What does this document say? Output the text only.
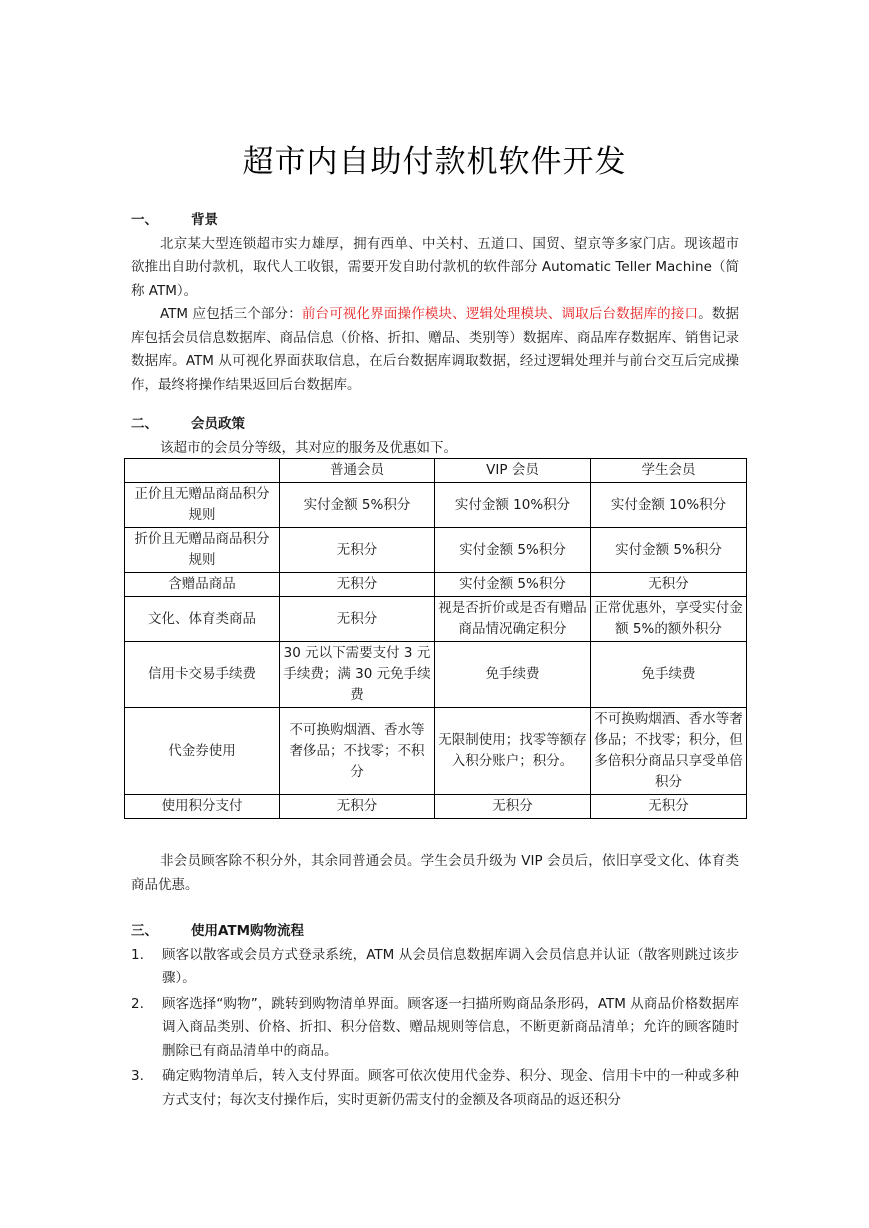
超市内自助付款机软件开发
一、 背景

北京某大型连锁超市实力雄厚，拥有西单、中关村、五道口、国贸、望京等多家门店。现该超市欲推出自助付款机，取代人工收银，需要开发自助付款机的软件部分 Automatic Teller Machine（简称 ATM）。

ATM 应包括三个部分：前台可视化界面操作模块、逻辑处理模块、调取后台数据库的接口。数据库包括会员信息数据库、商品信息（价格、折扣、赠品、类别等）数据库、商品库存数据库、销售记录数据库。ATM 从可视化界面获取信息，在后台数据库调取数据，经过逻辑处理并与前台交互后完成操作，最终将操作结果返回后台数据库。

二、 会员政策

该超市的会员分等级，其对应的服务及优惠如下。

	普通会员	VIP 会员	学生会员
正价且无赠品商品积分规则	实付金额 5%积分	实付金额 10%积分	实付金额 10%积分
折价且无赠品商品积分规则	无积分	实付金额 5%积分	实付金额 5%积分
含赠品商品	无积分	实付金额 5%积分	无积分
文化、体育类商品	无积分	视是否折价或是否有赠品商品情况确定积分	正常优惠外，享受实付金额 5%的额外积分
信用卡交易手续费	30 元以下需要支付 3 元手续费；满 30 元免手续费	免手续费	免手续费
代金券使用	不可换购烟酒、香水等奢侈品；不找零；不积分	无限制使用；找零等额存入积分账户；积分。	不可换购烟酒、香水等奢侈品；不找零；积分，但多倍积分商品只享受单倍积分
使用积分支付	无积分	无积分	无积分

非会员顾客除不积分外，其余同普通会员。学生会员升级为 VIP 会员后，依旧享受文化、体育类商品优惠。

三、 使用ATM购物流程
1. 顾客以散客或会员方式登录系统，ATM 从会员信息数据库调入会员信息并认证（散客则跳过该步骤）。
2. 顾客选择“购物”，跳转到购物清单界面。顾客逐一扫描所购商品条形码，ATM 从商品价格数据库调入商品类别、价格、折扣、积分倍数、赠品规则等信息，不断更新商品清单；允许的顾客随时删除已有商品清单中的商品。
3. 确定购物清单后，转入支付界面。顾客可依次使用代金券、积分、现金、信用卡中的一种或多种方式支付；每次支付操作后，实时更新仍需支付的金额及各项商品的返还积分
